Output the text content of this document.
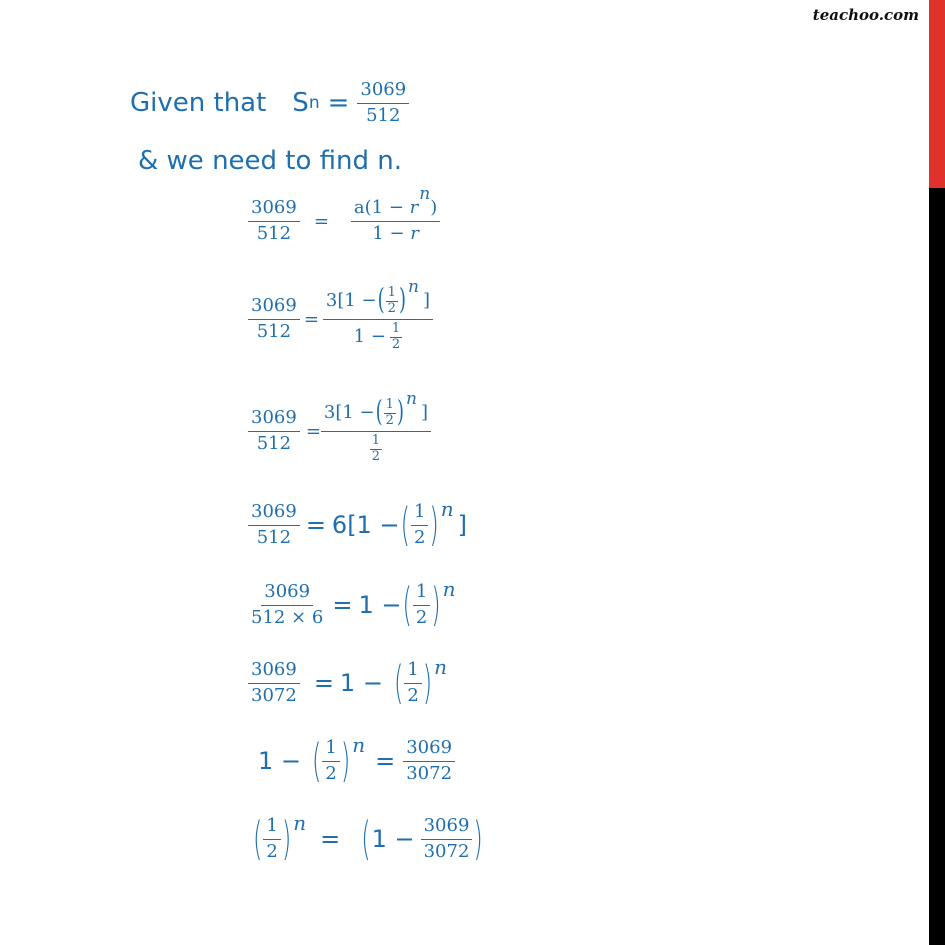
teachoo.com
Given that S $n = \frac{3069}{512}$
& we need to find n.
$\frac{3069}{512} = \frac{a(1 - rn)}{1 - r}$
$\frac{3069}{512} = 3[1$ − ( $\frac{1}{2}$ ) n
]
$1 - \frac{1}{2}$
$\frac{3069}{512} = 3[1$ − ( $\frac{1}{2}$ ) n
]
$\frac{1}{2}$
$\frac{3069}{512} = 6[1$ − ( $\frac{1}{2}$ ) n
]
$\frac{3069}{512 \times 6} = 1$ − ( $\frac{1}{2}$ ) n
$\frac{3069}{3072} = 1$ − ( $\frac{1}{2}$ ) n
1 − ( $\frac{1}{2}$ ) n
= $\frac{3069}{3072}$
( $\frac{1}{2}$ ) n
= ( $1 - \frac{3069}{3072}$ )
